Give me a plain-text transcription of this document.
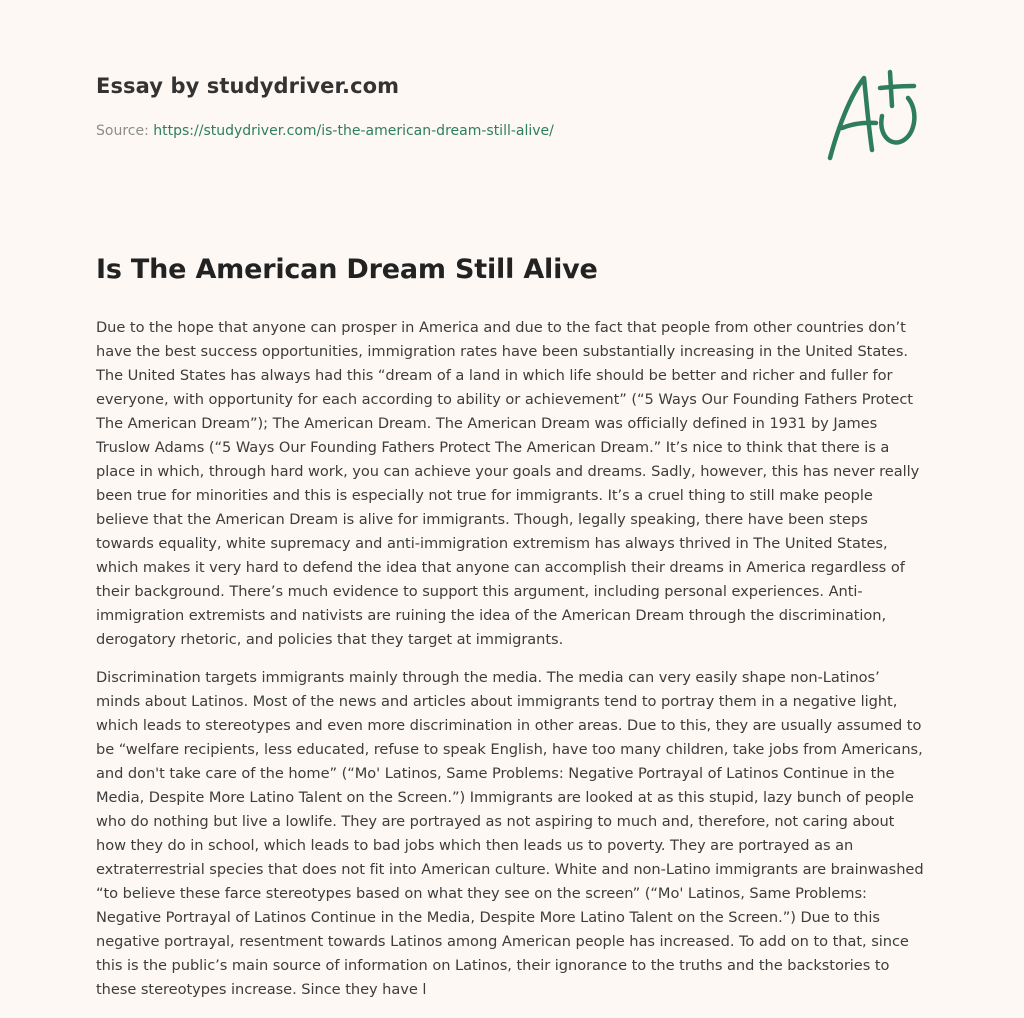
Essay by studydriver.com
Source: https://studydriver.com/is-the-american-dream-still-alive/
Is The American Dream Still Alive

Due to the hope that anyone can prosper in America and due to the fact that people from other countries don’t have the best success opportunities, immigration rates have been substantially increasing in the United States. The United States has always had this “dream of a land in which life should be better and richer and fuller for everyone, with opportunity for each according to ability or achievement” (“5 Ways Our Founding Fathers Protect The American Dream”); The American Dream. The American Dream was officially defined in 1931 by James Truslow Adams (“5 Ways Our Founding Fathers Protect The American Dream.” It’s nice to think that there is a place in which, through hard work, you can achieve your goals and dreams. Sadly, however, this has never really been true for minorities and this is especially not true for immigrants. It’s a cruel thing to still make people believe that the American Dream is alive for immigrants. Though, legally speaking, there have been steps towards equality, white supremacy and anti-immigration extremism has always thrived in The United States, which makes it very hard to defend the idea that anyone can accomplish their dreams in America regardless of their background. There’s much evidence to support this argument, including personal experiences. Anti-immigration extremists and nativists are ruining the idea of the American Dream through the discrimination, derogatory rhetoric, and policies that they target at immigrants.

Discrimination targets immigrants mainly through the media. The media can very easily shape non-Latinos’ minds about Latinos. Most of the news and articles about immigrants tend to portray them in a negative light, which leads to stereotypes and even more discrimination in other areas. Due to this, they are usually assumed to be “welfare recipients, less educated, refuse to speak English, have too many children, take jobs from Americans, and don't take care of the home” (“Mo' Latinos, Same Problems: Negative Portrayal of Latinos Continue in the Media, Despite More Latino Talent on the Screen.”) Immigrants are looked at as this stupid, lazy bunch of people who do nothing but live a lowlife. They are portrayed as not aspiring to much and, therefore, not caring about how they do in school, which leads to bad jobs which then leads us to poverty. They are portrayed as an extraterrestrial species that does not fit into American culture. White and non-Latino immigrants are brainwashed “to believe these farce stereotypes based on what they see on the screen” (“Mo' Latinos, Same Problems: Negative Portrayal of Latinos Continue in the Media, Despite More Latino Talent on the Screen.”) Due to this negative portrayal, resentment towards Latinos among American people has increased. To add on to that, since this is the public’s main source of information on Latinos, their ignorance to the truths and the backstories to these stereotypes increase. Since they have l
